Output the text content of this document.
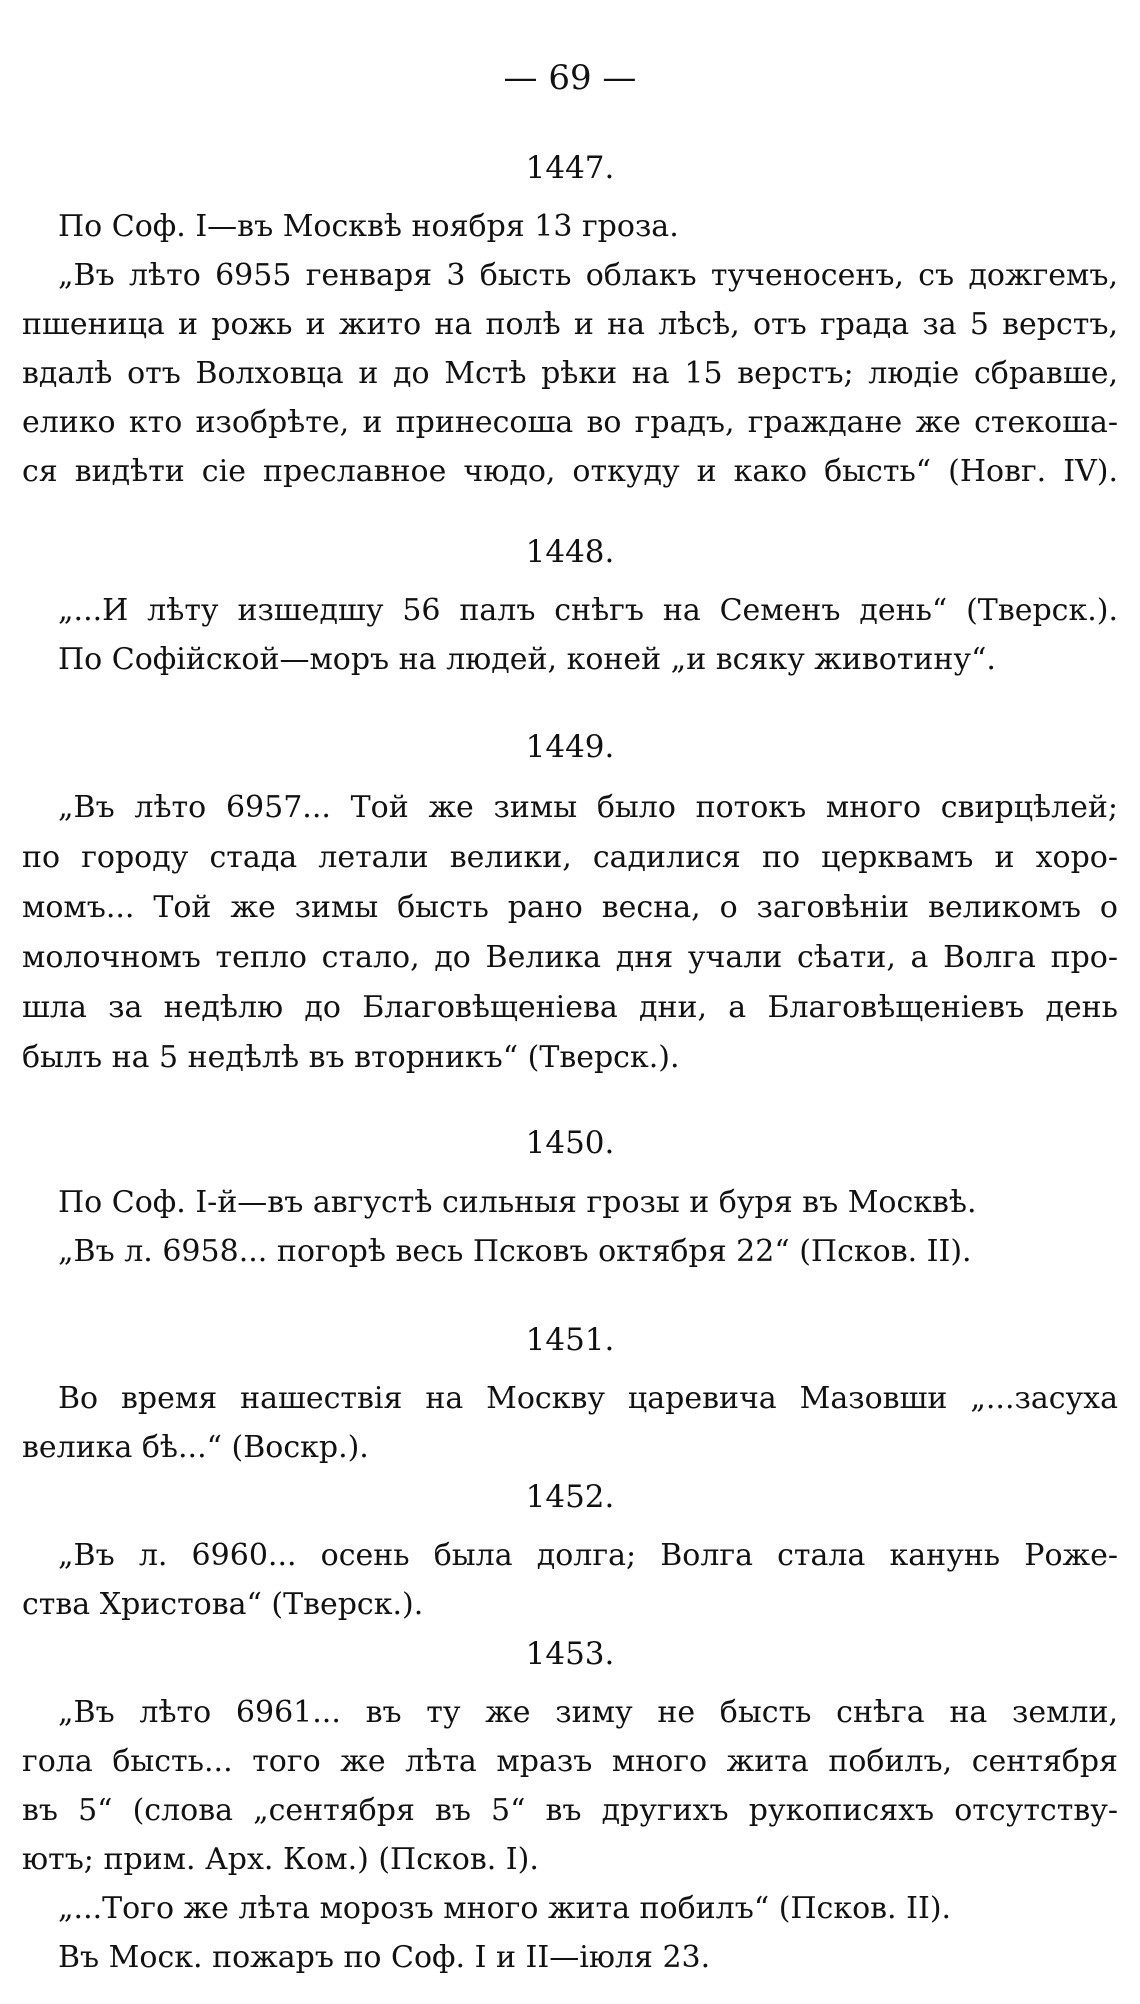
— 69 —
1447.
По Соф. I—въ Москвѣ ноября 13 гроза.
„Въ лѣто 6955 генваря 3 бысть облакъ тученосенъ, съ дожгемъ,
пшеница и рожь и жито на полѣ и на лѣсѣ, отъ града за 5 верстъ,
вдалѣ отъ Волховца и до Мстѣ рѣки на 15 верстъ; людіе сбравше,
елико кто изобрѣте, и принесоша во градъ, граждане же стекоша-
ся видѣти сіе преславное чюдо, откуду и како бысть“ (Новг. IV).
1448.
„...И лѣту изшедшу 56 палъ снѣгъ на Семенъ день“ (Тверск.).
По Софійской—моръ на людей, коней „и всяку животину“.
1449.
„Въ лѣто 6957... Той же зимы было потокъ много свирцѣлей;
по городу стада летали велики, садилися по церквамъ и хоро-
момъ... Той же зимы бысть рано весна, о заговѣніи великомъ о
молочномъ тепло стало, до Велика дня учали сѣати, а Волга про-
шла за недѣлю до Благовѣщеніева дни, а Благовѣщеніевъ день
былъ на 5 недѣлѣ въ вторникъ“ (Тверск.).
1450.
По Соф. I-й—въ августѣ сильныя грозы и буря въ Москвѣ.
„Въ л. 6958... погорѣ весь Псковъ октября 22“ (Псков. II).
1451.
Во время нашествія на Москву царевича Мазовши „...засуха
велика бѣ...“ (Воскр.).
1452.
„Въ л. 6960... осень была долга; Волга стала канунь Роже-
ства Христова“ (Тверск.).
1453.
„Въ лѣто 6961... въ ту же зиму не бысть снѣга на земли,
гола бысть... того же лѣта мразъ много жита побилъ, сентября
въ 5“ (слова „сентября въ 5“ въ другихъ рукописяхъ отсутству-
ютъ; прим. Арх. Ком.) (Псков. I).
„...Того же лѣта морозъ много жита побилъ“ (Псков. II).
Въ Моск. пожаръ по Соф. I и II—іюля 23.
